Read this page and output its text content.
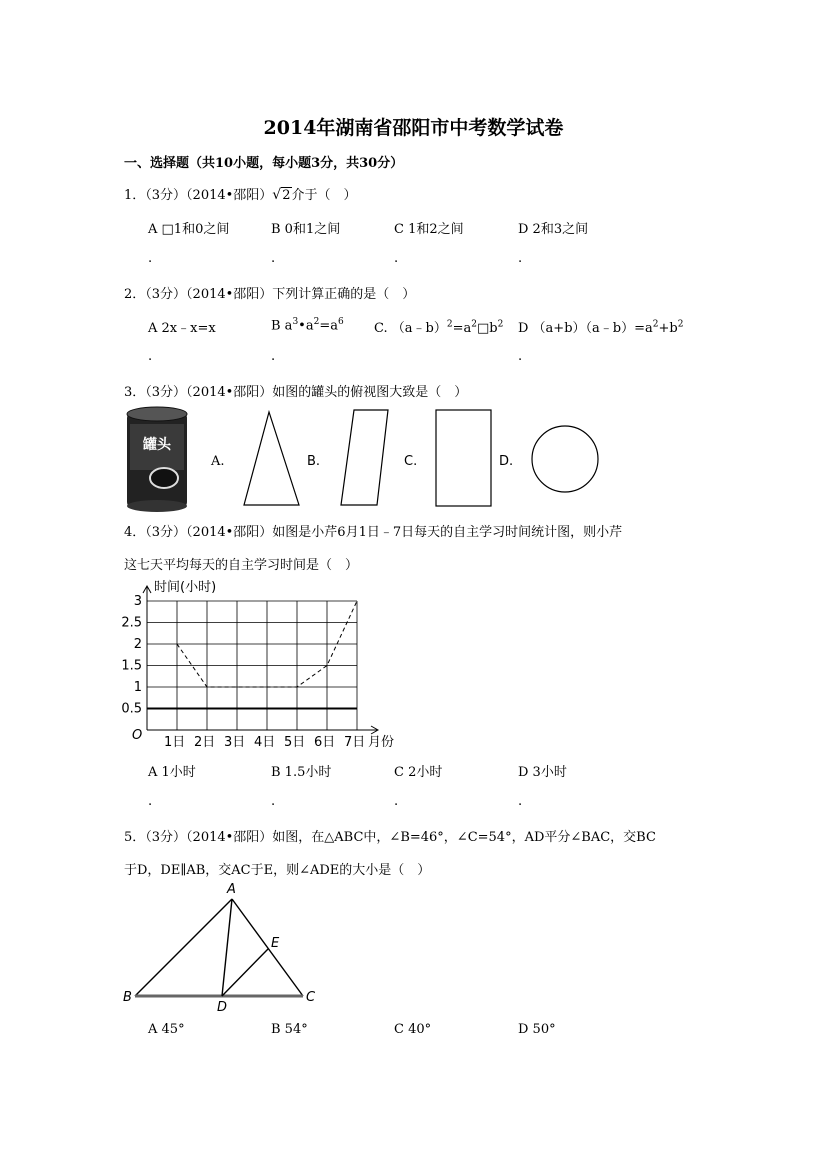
2014年湖南省邵阳市中考数学试卷
一、选择题（共10小题，每小题3分，共30分）
1．（3分）（2014•邵阳）√2介于（　）
A □1和0之间	B 0和1之间	C 1和2之间	D 2和3之间
.	.	.	.
2．（3分）（2014•邵阳）下列计算正确的是（　）
A 2x﹣x=x	B $a^3•a^2=a^6$ C. $(a﹣b)^2=a^2□b^2$ D $(a+b)(a﹣b)=a^2+b^2$
.	.	.
3．（3分）（2014•邵阳）如图的罐头的俯视图大致是（　）
罐头
A.	B.	C.	D.
4．（3分）（2014•邵阳）如图是小芹6月1日﹣7日每天的自主学习时间统计图，则小芹
这七天平均每天的自主学习时间是（　）
0.5
1
1.5
2
2.5
3
1日 2日 3日 4日 5日 6日 7日
时间(小时)
月份
O
A 1小时	B 1.5小时	C 2小时	D 3小时
.	.	.	.
5．（3分）（2014•邵阳）如图，在△ABC中，∠B=46°，∠C=54°，AD平分∠BAC，交BC
于D，DE∥AB，交AC于E，则∠ADE的大小是（　）
A
B	C
D
E
A 45°	B 54°	C 40°	D 50°
